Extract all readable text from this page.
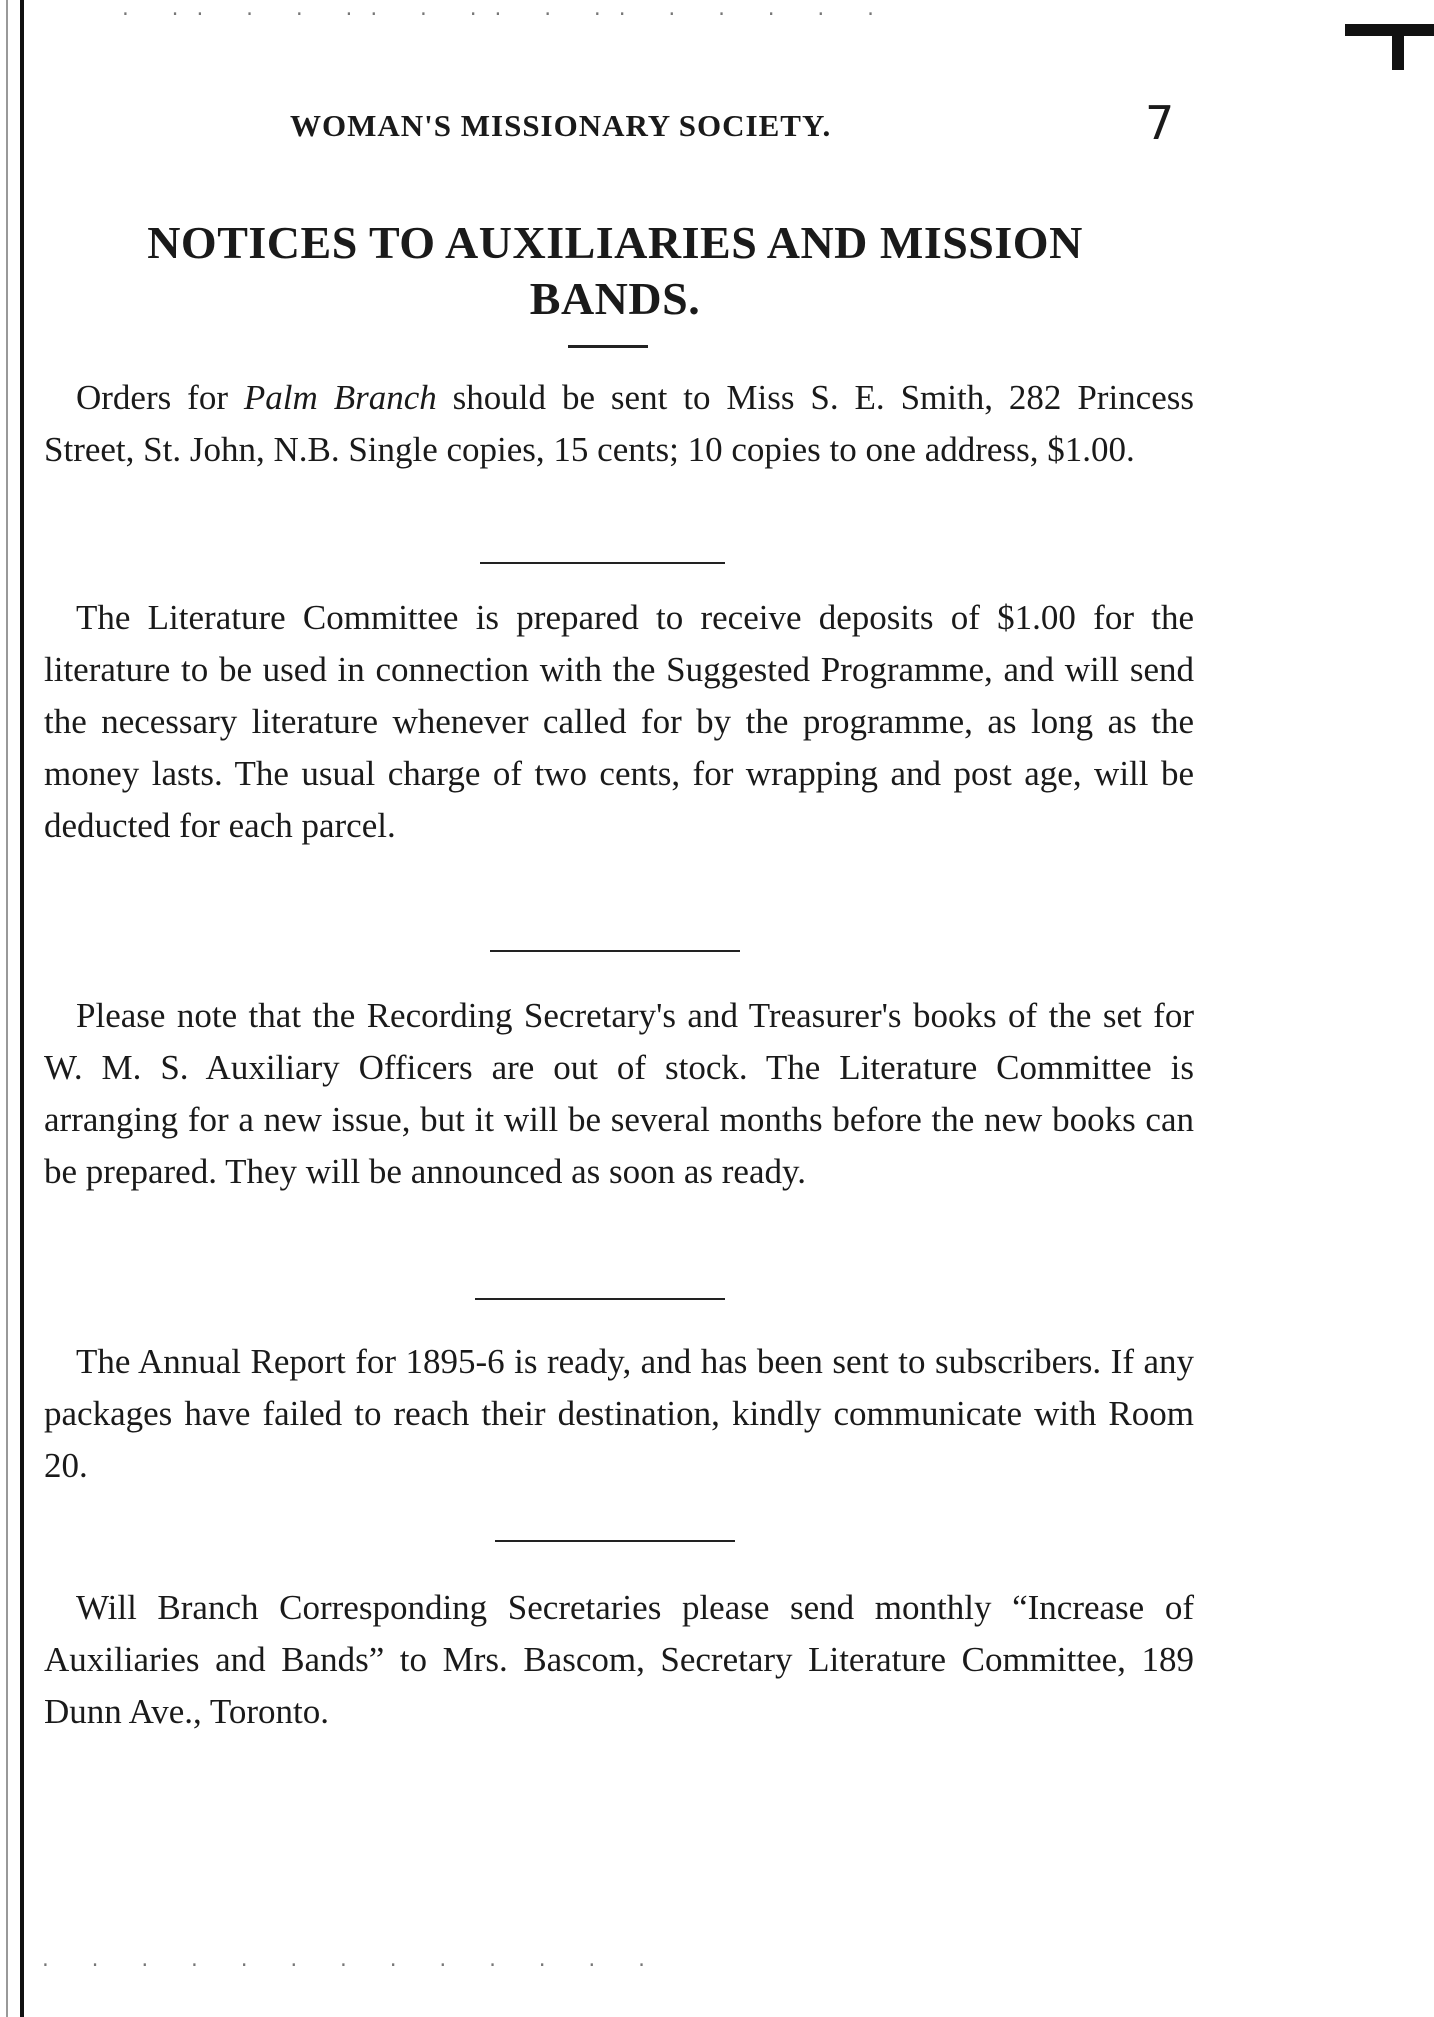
· ·· · · ·· · ·· · ·· · · · · ·
· · · · · · · · · · · · ·
WOMAN'S MISSIONARY SOCIETY.	7
NOTICES TO AUXILIARIES AND MISSION
BANDS.
Orders for Palm Branch should be sent to Miss S. E. Smith, 282 Princess Street, St. John, N.B. Single copies, 15 cents; 10 copies to one address, $1.00.
The Literature Committee is prepared to receive deposits of $1.00 for the literature to be used in connection with the Suggested Programme, and will send the necessary literature whenever called for by the programme, as long as the money lasts. The usual charge of two cents, for wrapping and post age, will be deducted for each parcel.
Please note that the Recording Secretary's and Treasurer's books of the set for W. M. S. Auxiliary Officers are out of stock. The Literature Committee is arranging for a new issue, but it will be several months before the new books can be prepared. They will be announced as soon as ready.
The Annual Report for 1895-6 is ready, and has been sent to subscribers. If any packages have failed to reach their destination, kindly communicate with Room 20.
Will Branch Corresponding Secretaries please send monthly “Increase of Auxiliaries and Bands” to Mrs. Bascom, Secretary Literature Committee, 189 Dunn Ave., Toronto.
